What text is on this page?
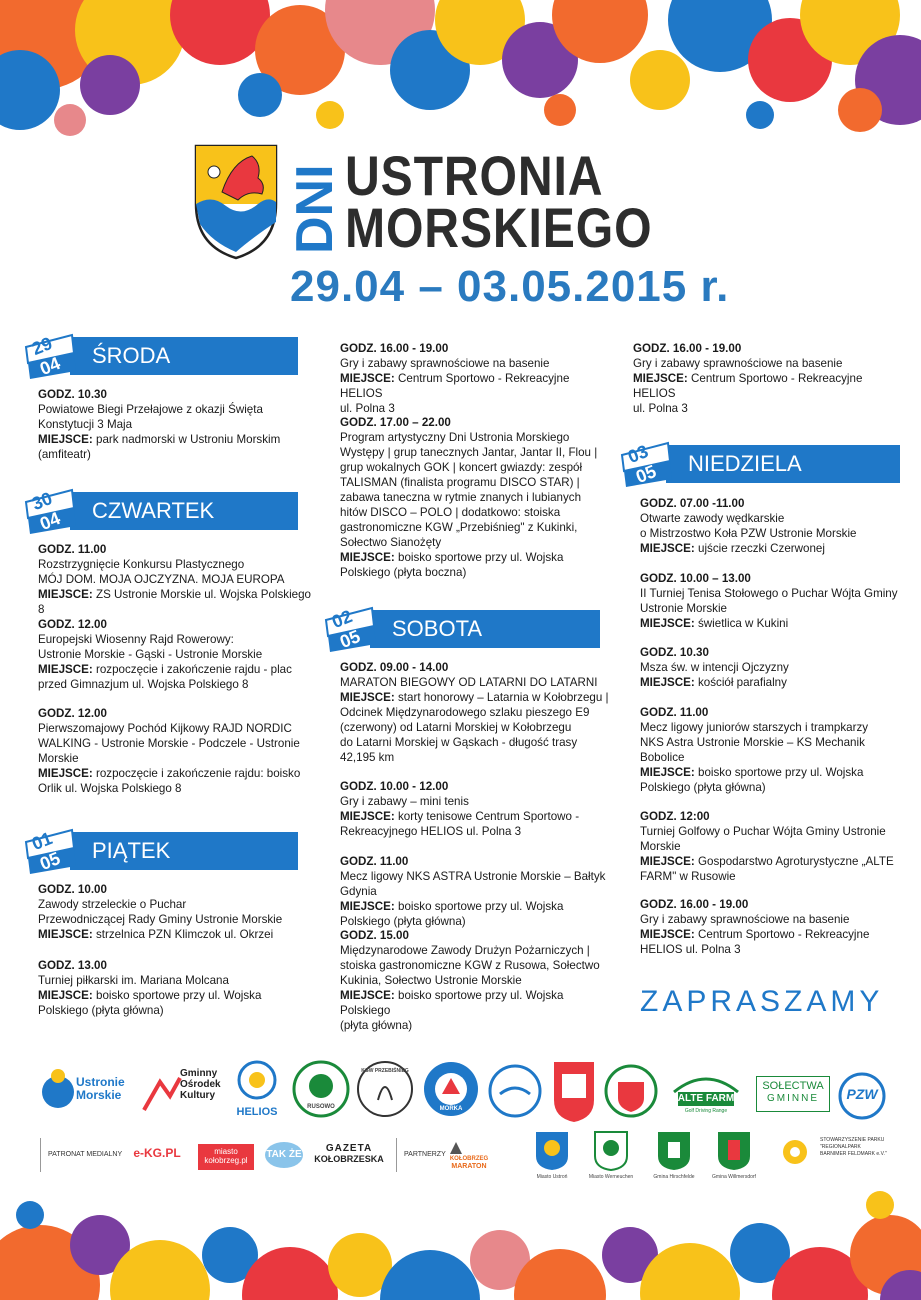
DNI USTRONIA
MORSKIEGO
29.04 – 03.05.2015 r.
ŚRODA
29
04
GODZ. 10.30
Powiatowe Biegi Przełajowe z okazji Święta
Konstytucji 3 Maja
MIEJSCE: park nadmorski w Ustroniu Morskim
(amfiteatr)
CZWARTEK
30
04
GODZ. 11.00
Rozstrzygnięcie Konkursu Plastycznego
MÓJ DOM. MOJA OJCZYZNA. MOJA EUROPA
MIEJSCE: ZS Ustronie Morskie ul. Wojska Polskiego 8
GODZ. 12.00
Europejski Wiosenny Rajd Rowerowy:
Ustronie Morskie - Gąski - Ustronie Morskie
MIEJSCE: rozpoczęcie i zakończenie rajdu - plac
przed Gimnazjum ul. Wojska Polskiego 8
GODZ. 12.00
Pierwszomajowy Pochód Kijkowy RAJD NORDIC
WALKING - Ustronie Morskie - Podczele - Ustronie
Morskie
MIEJSCE: rozpoczęcie i zakończenie rajdu: boisko
Orlik ul. Wojska Polskiego 8
PIĄTEK
01
05
GODZ. 10.00
Zawody strzeleckie o Puchar
Przewodniczącej Rady Gminy Ustronie Morskie
MIEJSCE: strzelnica PZN Klimczok ul. Okrzei
GODZ. 13.00
Turniej piłkarski im. Mariana Molcana
MIEJSCE: boisko sportowe przy ul. Wojska
Polskiego (płyta główna)
GODZ. 16.00 - 19.00
Gry i zabawy sprawnościowe na basenie
MIEJSCE: Centrum Sportowo - Rekreacyjne HELIOS
ul. Polna 3
GODZ. 17.00 – 22.00
Program artystyczny Dni Ustronia Morskiego
Występy | grup tanecznych Jantar, Jantar II, Flou |
grup wokalnych GOK | koncert gwiazdy: zespół
TALISMAN (finalista programu DISCO STAR) |
zabawa taneczna w rytmie znanych i lubianych
hitów DISCO – POLO | dodatkowo: stoiska
gastronomiczne KGW „Przebiśnieg" z Kukinki,
Sołectwo Sianożęty
MIEJSCE: boisko sportowe przy ul. Wojska
Polskiego (płyta boczna)
SOBOTA
02
05
GODZ. 09.00 - 14.00
MARATON BIEGOWY OD LATARNI DO LATARNI
MIEJSCE: start honorowy – Latarnia w Kołobrzegu |
Odcinek Międzynarodowego szlaku pieszego E9
(czerwony) od Latarni Morskiej w Kołobrzegu
do Latarni Morskiej w Gąskach - długość trasy
42,195 km
GODZ. 10.00 - 12.00
Gry i zabawy – mini tenis
MIEJSCE: korty tenisowe Centrum Sportowo -
Rekreacyjnego HELIOS ul. Polna 3
GODZ. 11.00
Mecz ligowy NKS ASTRA Ustronie Morskie – Bałtyk
Gdynia
MIEJSCE: boisko sportowe przy ul. Wojska
Polskiego (płyta główna)
GODZ. 15.00
Międzynarodowe Zawody Drużyn Pożarniczych |
stoiska gastronomiczne KGW z Rusowa, Sołectwo
Kukinia, Sołectwo Ustronie Morskie
MIEJSCE: boisko sportowe przy ul. Wojska Polskiego
(płyta główna)
GODZ. 16.00 - 19.00
Gry i zabawy sprawnościowe na basenie
MIEJSCE: Centrum Sportowo - Rekreacyjne HELIOS
ul. Polna 3
NIEDZIELA
03
05
GODZ. 07.00 -11.00
Otwarte zawody wędkarskie
o Mistrzostwo Koła PZW Ustronie Morskie
MIEJSCE: ujście rzeczki Czerwonej
GODZ. 10.00 – 13.00
II Turniej Tenisa Stołowego o Puchar Wójta Gminy
Ustronie Morskie
MIEJSCE: świetlica w Kukini
GODZ. 10.30
Msza św. w intencji Ojczyzny
MIEJSCE: kościół parafialny
GODZ. 11.00
Mecz ligowy juniorów starszych i trampkarzy
NKS Astra Ustronie Morskie – KS Mechanik
Bobolice
MIEJSCE: boisko sportowe przy ul. Wojska
Polskiego (płyta główna)
GODZ. 12:00
Turniej Golfowy o Puchar Wójta Gminy Ustronie
Morskie
MIEJSCE: Gospodarstwo Agroturystyczne „ALTE
FARM" w Rusowie
GODZ. 16.00 - 19.00
Gry i zabawy sprawnościowe na basenie
MIEJSCE: Centrum Sportowo - Rekreacyjne
HELIOS ul. Polna 3
ZAPRASZAMY
Ustronie
Morskie
Gminny
Ośrodek
Kultury
HELIOS	RUSOWO
KGW PRZEBIŚNIEG
MORKA
ALTE FARM
Golf Driving Range
SOŁECTWA
GMINNE	PZW
PATRONAT MEDIALNY e-KG.PL	miasto
kołobrzeg.pl
TAK ŻE
GAZETA
KOŁOBRZESKA	PARTNERZY
KOŁOBRZEG
MARATON
Miasto Ustroń	Miasto Werneuchen	Gmina Hirschfelde	Gmina Willmersdorf
STOWARZYSZENIE PARKU
"REGIONALPARK
BARNIMER FELDMARK e.V."
